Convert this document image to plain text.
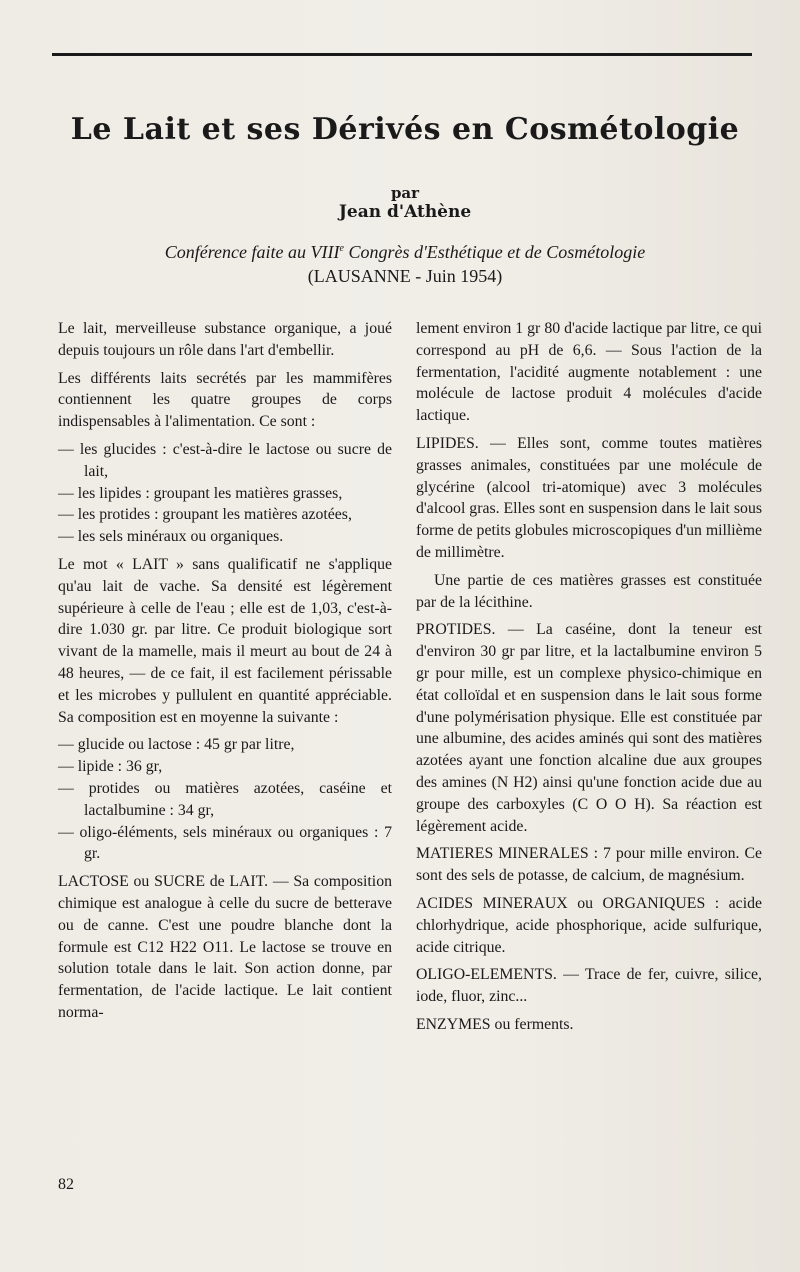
Le Lait et ses Dérivés en Cosmétologie
par
Jean d'Athène
Conférence faite au VIIIe Congrès d'Esthétique et de Cosmétologie
(LAUSANNE - Juin 1954)

Le lait, merveilleuse substance organique, a joué depuis toujours un rôle dans l'art d'embellir.

Les différents laits secrétés par les mammifères contiennent les quatre groupes de corps indispensables à l'alimentation. Ce sont :

— les glucides : c'est-à-dire le lactose ou sucre de lait,

— les lipides : groupant les matières grasses,

— les protides : groupant les matières azotées,

— les sels minéraux ou organiques.

Le mot « LAIT » sans qualificatif ne s'applique qu'au lait de vache. Sa densité est légèrement supérieure à celle de l'eau ; elle est de 1,03, c'est-à-dire 1.030 gr. par litre. Ce produit biologique sort vivant de la mamelle, mais il meurt au bout de 24 à 48 heures, — de ce fait, il est facilement périssable et les microbes y pullulent en quantité appréciable. Sa composition est en moyenne la suivante :

— glucide ou lactose : 45 gr par litre,

— lipide : 36 gr,

— protides ou matières azotées, caséine et lactalbumine : 34 gr,

— oligo-éléments, sels minéraux ou organiques : 7 gr.

LACTOSE ou SUCRE de LAIT. — Sa composition chimique est analogue à celle du sucre de betterave ou de canne. C'est une poudre blanche dont la formule est C12 H22 O11. Le lactose se trouve en solution totale dans le lait. Son action donne, par fermentation, de l'acide lactique. Le lait contient norma-

lement environ 1 gr 80 d'acide lactique par litre, ce qui correspond au pH de 6,6. — Sous l'action de la fermentation, l'acidité augmente notablement : une molécule de lactose produit 4 molécules d'acide lactique.

LIPIDES. — Elles sont, comme toutes matières grasses animales, constituées par une molécule de glycérine (alcool tri-atomique) avec 3 molécules d'alcool gras. Elles sont en suspension dans le lait sous forme de petits globules microscopiques d'un millième de millimètre.

Une partie de ces matières grasses est constituée par de la lécithine.

PROTIDES. — La caséine, dont la teneur est d'environ 30 gr par litre, et la lactalbumine environ 5 gr pour mille, est un complexe physico-chimique en état colloïdal et en suspension dans le lait sous forme d'une polymérisation physique. Elle est constituée par une albumine, des acides aminés qui sont des matières azotées ayant une fonction alcaline due aux groupes des amines (N H2) ainsi qu'une fonction acide due au groupe des carboxyles (C O O H). Sa réaction est légèrement acide.

MATIERES MINERALES : 7 pour mille environ. Ce sont des sels de potasse, de calcium, de magnésium.

ACIDES MINERAUX ou ORGANIQUES : acide chlorhydrique, acide phosphorique, acide sulfurique, acide citrique.

OLIGO-ELEMENTS. — Trace de fer, cuivre, silice, iode, fluor, zinc...

ENZYMES ou ferments.

82
